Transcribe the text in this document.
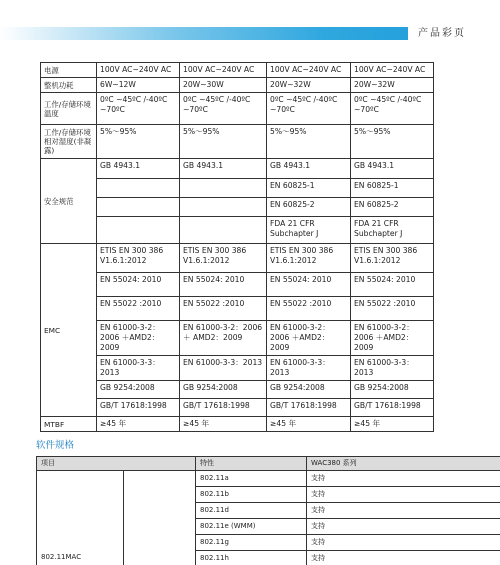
产品彩页
电源	100V AC~240V AC	100V AC~240V AC	100V AC~240V AC	100V AC~240V AC
整机功耗	6W~12W	20W~30W	20W~32W	20W~32W
工作/存储环境温度	0ºC ~45ºC /-40ºC ~70ºC	0ºC ~45ºC /-40ºC ~70ºC	0ºC ~45ºC /-40ºC ~70ºC	0ºC ~45ºC /-40ºC ~70ºC
工作/存储环境相对湿度(非凝露)	5%～95%	5%～95%	5%～95%	5%～95%
安全规范	GB 4943.1	GB 4943.1	GB 4943.1	GB 4943.1
			EN 60825-1	EN 60825-1
			EN 60825-2	EN 60825-2
			FDA 21 CFR Subchapter J	FDA 21 CFR Subchapter J
EMC	ETIS EN 300 386 V1.6.1:2012	ETIS EN 300 386 V1.6.1:2012	ETIS EN 300 386 V1.6.1:2012	ETIS EN 300 386 V1.6.1:2012
	EN 55024: 2010	EN 55024: 2010	EN 55024: 2010	EN 55024: 2010
	EN 55022 :2010	EN 55022 :2010	EN 55022 :2010	EN 55022 :2010
	EN 61000-3-2：2006 ＋AMD2：2009	EN 61000-3-2：2006＋ AMD2：2009	EN 61000-3-2：2006 ＋AMD2：2009	EN 61000-3-2：2006 ＋AMD2：2009
	EN 61000-3-3：2013	EN 61000-3-3：2013	EN 61000-3-3：2013	EN 61000-3-3：2013
	GB 9254:2008	GB 9254:2008	GB 9254:2008	GB 9254:2008
	GB/T 17618:1998	GB/T 17618:1998	GB/T 17618:1998	GB/T 17618:1998
MTBF	≥45 年	≥45 年	≥45 年	≥45 年
软件规格
项目		特性	WAC380 系列
802.11MAC		802.11a	支持
		802.11b	支持
		802.11d	支持
		802.11e (WMM)	支持
		802.11g	支持
		802.11h	支持
